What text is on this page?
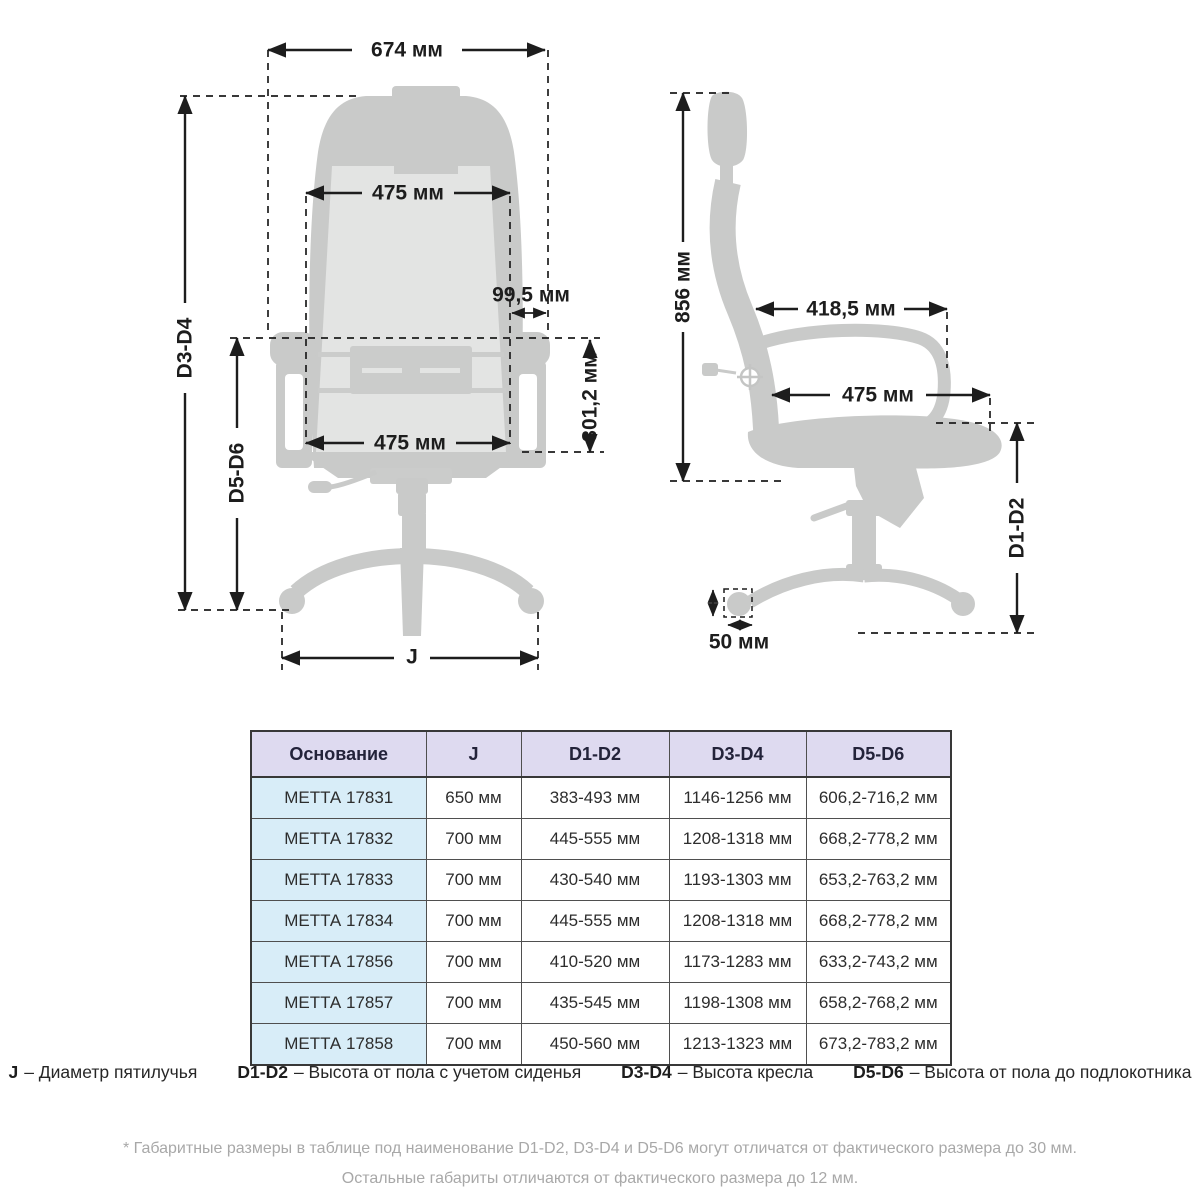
674 мм
475 мм
99,5 мм
301,2 мм
475 мм
D3-D4
D5-D6
J
856 мм	418,5 мм
475 мм
D1-D2
50 мм
Основание	J	D1-D2	D3-D4	D5-D6
МЕТТА 17831	650 мм	383-493 мм	1146-1256 мм	606,2-716,2 мм
МЕТТА 17832	700 мм	445-555 мм	1208-1318 мм	668,2-778,2 мм
МЕТТА 17833	700 мм	430-540 мм	1193-1303 мм	653,2-763,2 мм
МЕТТА 17834	700 мм	445-555 мм	1208-1318 мм	668,2-778,2 мм
МЕТТА 17856	700 мм	410-520 мм	1173-1283 мм	633,2-743,2 мм
МЕТТА 17857	700 мм	435-545 мм	1198-1308 мм	658,2-768,2 мм
МЕТТА 17858	700 мм	450-560 мм	1213-1323 мм	673,2-783,2 мм
J – Диаметр пятилучья D1-D2 – Высота от пола с учетом сиденья D3-D4 – Высота кресла D5-D6 – Высота от пола до подлокотника
* Габаритные размеры в таблице под наименование D1-D2, D3-D4 и D5-D6 могут отличатся от фактического размера до 30 мм.
Остальные габариты отличаются от фактического размера до 12 мм.
